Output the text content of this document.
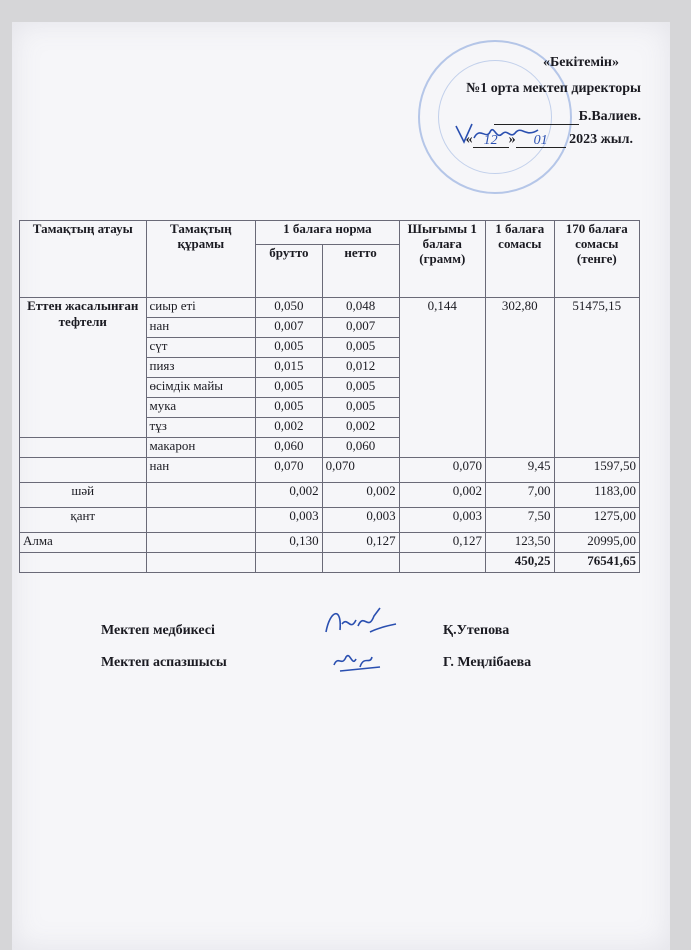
«Бекітемін»
№1 орта мектеп директоры
Б.Валиев.
« 12 » 01 2023 жыл.
Тамақтың атауы	Тамақтың құрамы	1 балаға норма		Шығымы 1 балаға (грамм)	1 балаға сомасы	170 балаға сомасы (тенге)
		брутто	нетто			
Еттен жасалынған тефтели	сиыр еті	0,050	0,048	0,144	302,80	51475,15
	нан	0,007	0,007			
	сүт	0,005	0,005			
	пияз	0,015	0,012			
	өсімдік майы	0,005	0,005			
	мука	0,005	0,005			
	тұз	0,002	0,002			
	макарон	0,060	0,060			
	нан	0,070	0,070	0,070	9,45	1597,50
шәй		0,002	0,002	0,002	7,00	1183,00
қант		0,003	0,003	0,003	7,50	1275,00
Алма		0,130	0,127	0,127	123,50	20995,00
					450,25	76541,65
Мектеп медбикесі	Қ.Утепова
Мектеп аспазшысы	Г. Меңлібаева
